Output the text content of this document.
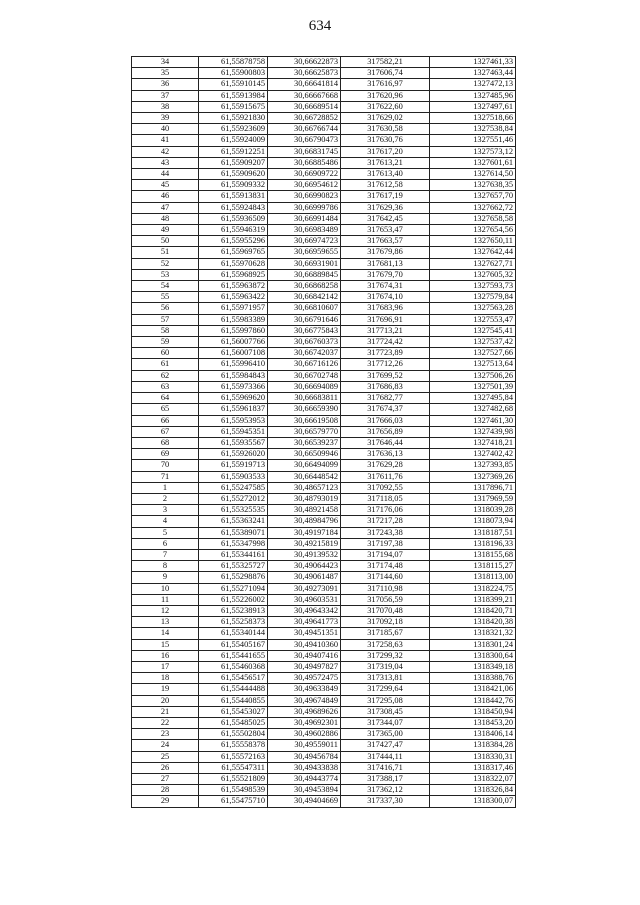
634
34	61,55878758	30,66622873	317582,21	1327461,33
35	61,55900803	30,66625873	317606,74	1327463,44
36	61,55910145	30,66641814	317616,97	1327472,13
37	61,55913984	30,66667668	317620,96	1327485,96
38	61,55915675	30,66689514	317622,60	1327497,61
39	61,55921830	30,66728852	317629,02	1327518,66
40	61,55923609	30,66766744	317630,58	1327538,84
41	61,55924009	30,66790473	317630,76	1327551,46
42	61,55912251	30,66831745	317617,20	1327573,12
43	61,55909207	30,66885486	317613,21	1327601,61
44	61,55909620	30,66909722	317613,40	1327614,50
45	61,55909332	30,66954612	317612,58	1327638,35
46	61,55913831	30,66990823	317617,19	1327657,70
47	61,55924843	30,66999786	317629,36	1327662,72
48	61,55936509	30,66991484	317642,45	1327658,58
49	61,55946319	30,66983489	317653,47	1327654,56
50	61,55955296	30,66974723	317663,57	1327650,11
51	61,55969765	30,66959655	317679,86	1327642,44
52	61,55970628	30,66931901	317681,13	1327627,71
53	61,55968925	30,66889845	317679,70	1327605,32
54	61,55963872	30,66868258	317674,31	1327593,73
55	61,55963422	30,66842142	317674,10	1327579,84
56	61,55971957	30,66810607	317683,96	1327563,28
57	61,55983389	30,66791646	317696,91	1327553,47
58	61,55997860	30,66775843	317713,21	1327545,41
59	61,56007766	30,66760373	317724,42	1327537,42
60	61,56007108	30,66742037	317723,89	1327527,66
61	61,55996410	30,66716126	317712,26	1327513,64
62	61,55984843	30,66702748	317699,52	1327506,26
63	61,55973366	30,66694089	317686,83	1327501,39
64	61,55969620	30,66683811	317682,77	1327495,84
65	61,55961837	30,66659390	317674,37	1327482,68
66	61,55953953	30,66619508	317666,03	1327461,30
67	61,55945351	30,66579770	317656,89	1327439,98
68	61,55935567	30,66539237	317646,44	1327418,21
69	61,55926020	30,66509946	317636,13	1327402,42
70	61,55919713	30,66494099	317629,28	1327393,85
71	61,55903533	30,66448542	317611,76	1327369,26
1	61,55247585	30,48657123	317092,55	1317896,71
2	61,55272012	30,48793019	317118,05	1317969,59
3	61,55325535	30,48921458	317176,06	1318039,28
4	61,55363241	30,48984796	317217,28	1318073,94
5	61,55389071	30,49197184	317243,38	1318187,51
6	61,55347998	30,49215819	317197,38	1318196,33
7	61,55344161	30,49139532	317194,07	1318155,68
8	61,55325727	30,49064423	317174,48	1318115,27
9	61,55298876	30,49061487	317144,60	1318113,00
10	61,55271094	30,49273091	317110,98	1318224,75
11	61,55226002	30,49603531	317056,59	1318399,21
12	61,55238913	30,49643342	317070,48	1318420,71
13	61,55258373	30,49641773	317092,18	1318420,38
14	61,55340144	30,49451351	317185,67	1318321,32
15	61,55405167	30,49410360	317258,63	1318301,24
16	61,55441655	30,49407416	317299,32	1318300,64
17	61,55460368	30,49497827	317319,04	1318349,18
18	61,55456517	30,49572475	317313,81	1318388,76
19	61,55444488	30,49633849	317299,64	1318421,06
20	61,55440855	30,49674849	317295,08	1318442,76
21	61,55453027	30,49689626	317308,45	1318450,94
22	61,55485025	30,49692301	317344,07	1318453,20
23	61,55502804	30,49602886	317365,00	1318406,14
24	61,55558378	30,49559011	317427,47	1318384,28
25	61,55572163	30,49456784	317444,11	1318330,31
26	61,55547311	30,49433838	317416,71	1318317,46
27	61,55521809	30,49443774	317388,17	1318322,07
28	61,55498539	30,49453894	317362,12	1318326,84
29	61,55475710	30,49404669	317337,30	1318300,07
